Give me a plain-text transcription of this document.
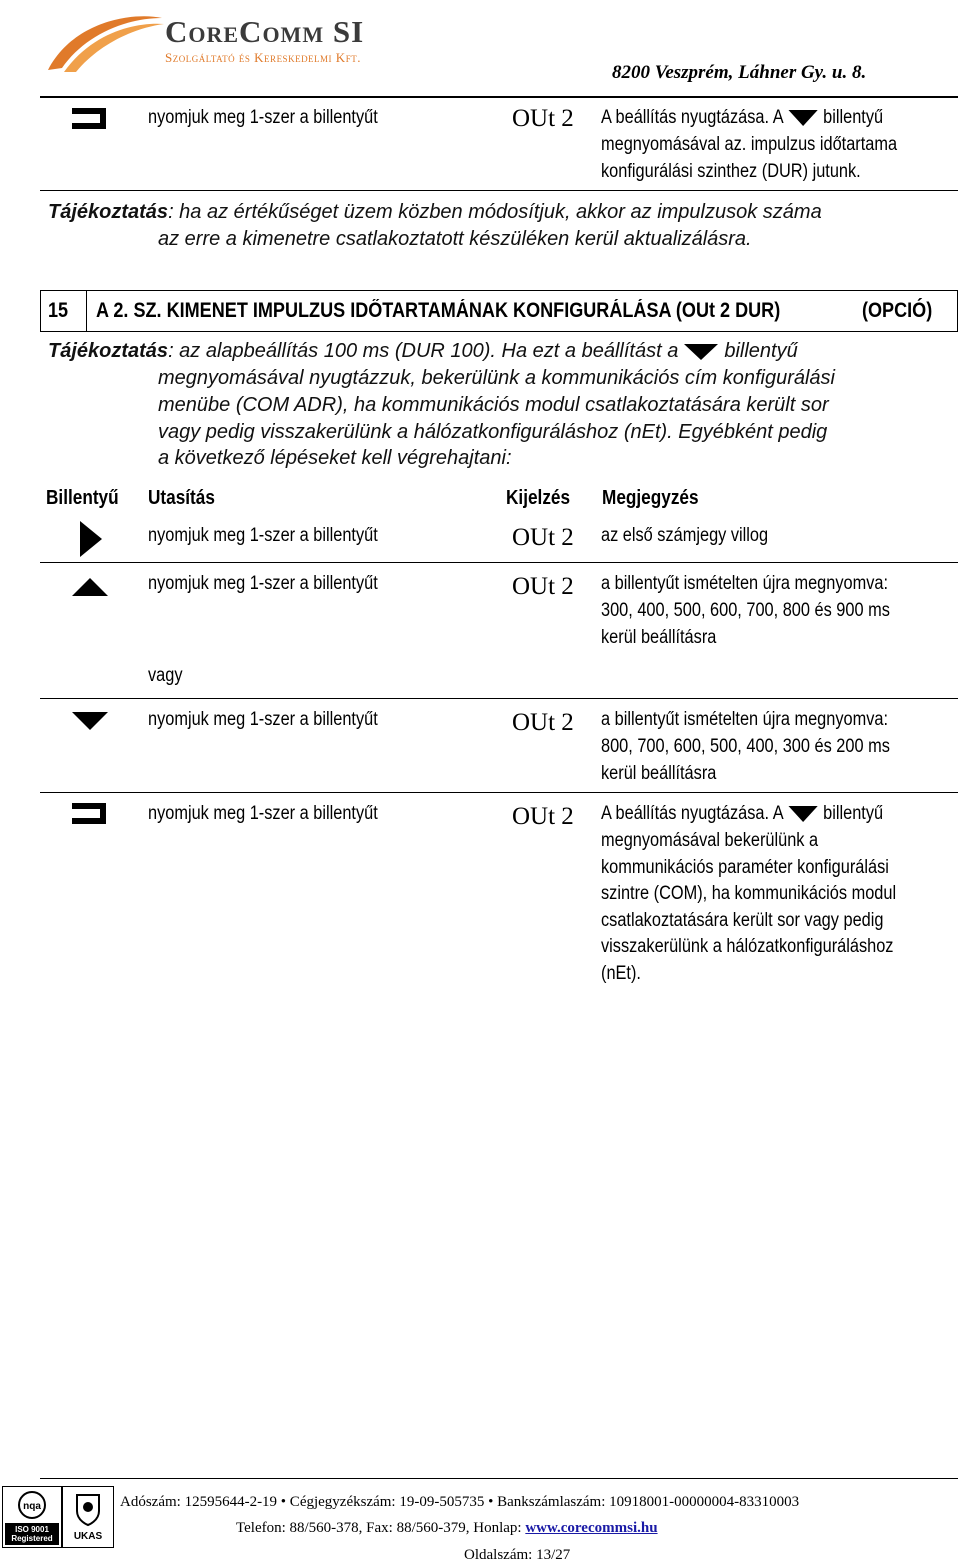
CoreComm SI
Szolgáltató és Kereskedelmi Kft.
8200 Veszprém, Láhner Gy. u. 8.
nyomjuk meg 1-szer a billentyűt	OUt 2 A beállítás nyugtázása. A billentyű
megnyomásával az. impulzus időtartama
konfigurálási szinthez (DUR) jutunk.
Tájékoztatás: ha az értékűséget üzem közben módosítjuk, akkor az impulzusok száma
az erre a kimenetre csatlakoztatott készüléken kerül aktualizálásra.
15 A 2. SZ. KIMENET IMPULZUS IDŐTARTAMÁNAK KONFIGURÁLÁSA (OUt 2 DUR)	(OPCIÓ)
Tájékoztatás: az alapbeállítás 100 ms (DUR 100). Ha ezt a beállítást a billentyű
megnyomásával nyugtázzuk, bekerülünk a kommunikációs cím konfigurálási
menübe (COM ADR), ha kommunikációs modul csatlakoztatására került sor
vagy pedig visszakerülünk a hálózatkonfiguráláshoz (nEt). Egyébként pedig
a következő lépéseket kell végrehajtani:
Billentyű Utasítás	Kijelzés Megjegyzés
nyomjuk meg 1-szer a billentyűt	OUt 2 az első számjegy villog
nyomjuk meg 1-szer a billentyűt	OUt 2 a billentyűt ismételten újra megnyomva:
300, 400, 500, 600, 700, 800 és 900 ms
kerül beállításra
vagy
nyomjuk meg 1-szer a billentyűt	OUt 2 a billentyűt ismételten újra megnyomva:
800, 700, 600, 500, 400, 300 és 200 ms
kerül beállításra
nyomjuk meg 1-szer a billentyűt	OUt 2 A beállítás nyugtázása. A billentyű
megnyomásával bekerülünk a
kommunikációs paraméter konfigurálási
szintre (COM), ha kommunikációs modul
csatlakoztatására került sor vagy pedig
visszakerülünk a hálózatkonfiguráláshoz
(nEt).
nqa
ISO 9001 Registered	UKAS
Adószám: 12595644-2-19 • Cégjegyzékszám: 19-09-505735 • Bankszámlaszám: 10918001-00000004-83310003
Telefon: 88/560-378, Fax: 88/560-379, Honlap: www.corecommsi.hu
Oldalszám: 13/27
